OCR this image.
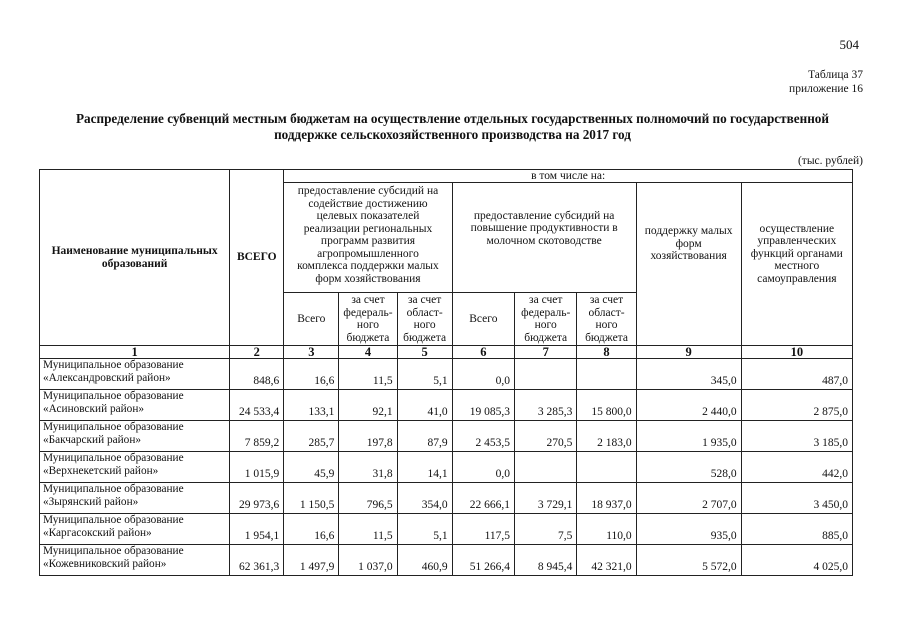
504
Таблица 37
приложение 16
Распределение субвенций местным бюджетам на осуществление отдельных государственных полномочий по государственной
поддержке сельскохозяйственного производства на 2017 год
(тыс. рублей)
Наименование муниципальных образований	ВСЕГО	в том числе на:							
		предоставление субсидий на содействие достижению целевых показателей реализации региональных программ развития агропромышленного комплекса поддержки малых форм хозяйствования			предоставление субсидий на повышение продуктивности в молочном скотоводстве			поддержку малых форм хозяйствования	осуществление управленческих функций органами местного самоуправления
		Всего	за счет федераль-ного бюджета	за счет област-ного бюджета	Всего	за счет федераль-ного бюджета	за счет област-ного бюджета		
1	2	3	4	5	6	7	8	9	10

Муниципальное образование
«Александровский район»	848,6	16,6	11,5	5,1	0,0			345,0	487,0

Муниципальное образование
«Асиновский район»	24 533,4	133,1	92,1	41,0	19 085,3	3 285,3	15 800,0	2 440,0	2 875,0

Муниципальное образование
«Бакчарский район»	7 859,2	285,7	197,8	87,9	2 453,5	270,5	2 183,0	1 935,0	3 185,0

Муниципальное образование
«Верхнекетский район»	1 015,9	45,9	31,8	14,1	0,0			528,0	442,0

Муниципальное образование
«Зырянский район»	29 973,6	1 150,5	796,5	354,0	22 666,1	3 729,1	18 937,0	2 707,0	3 450,0

Муниципальное образование
«Каргасокский район»	1 954,1	16,6	11,5	5,1	117,5	7,5	110,0	935,0	885,0

Муниципальное образование
«Кожевниковский район»	62 361,3	1 497,9	1 037,0	460,9	51 266,4	8 945,4	42 321,0	5 572,0	4 025,0
